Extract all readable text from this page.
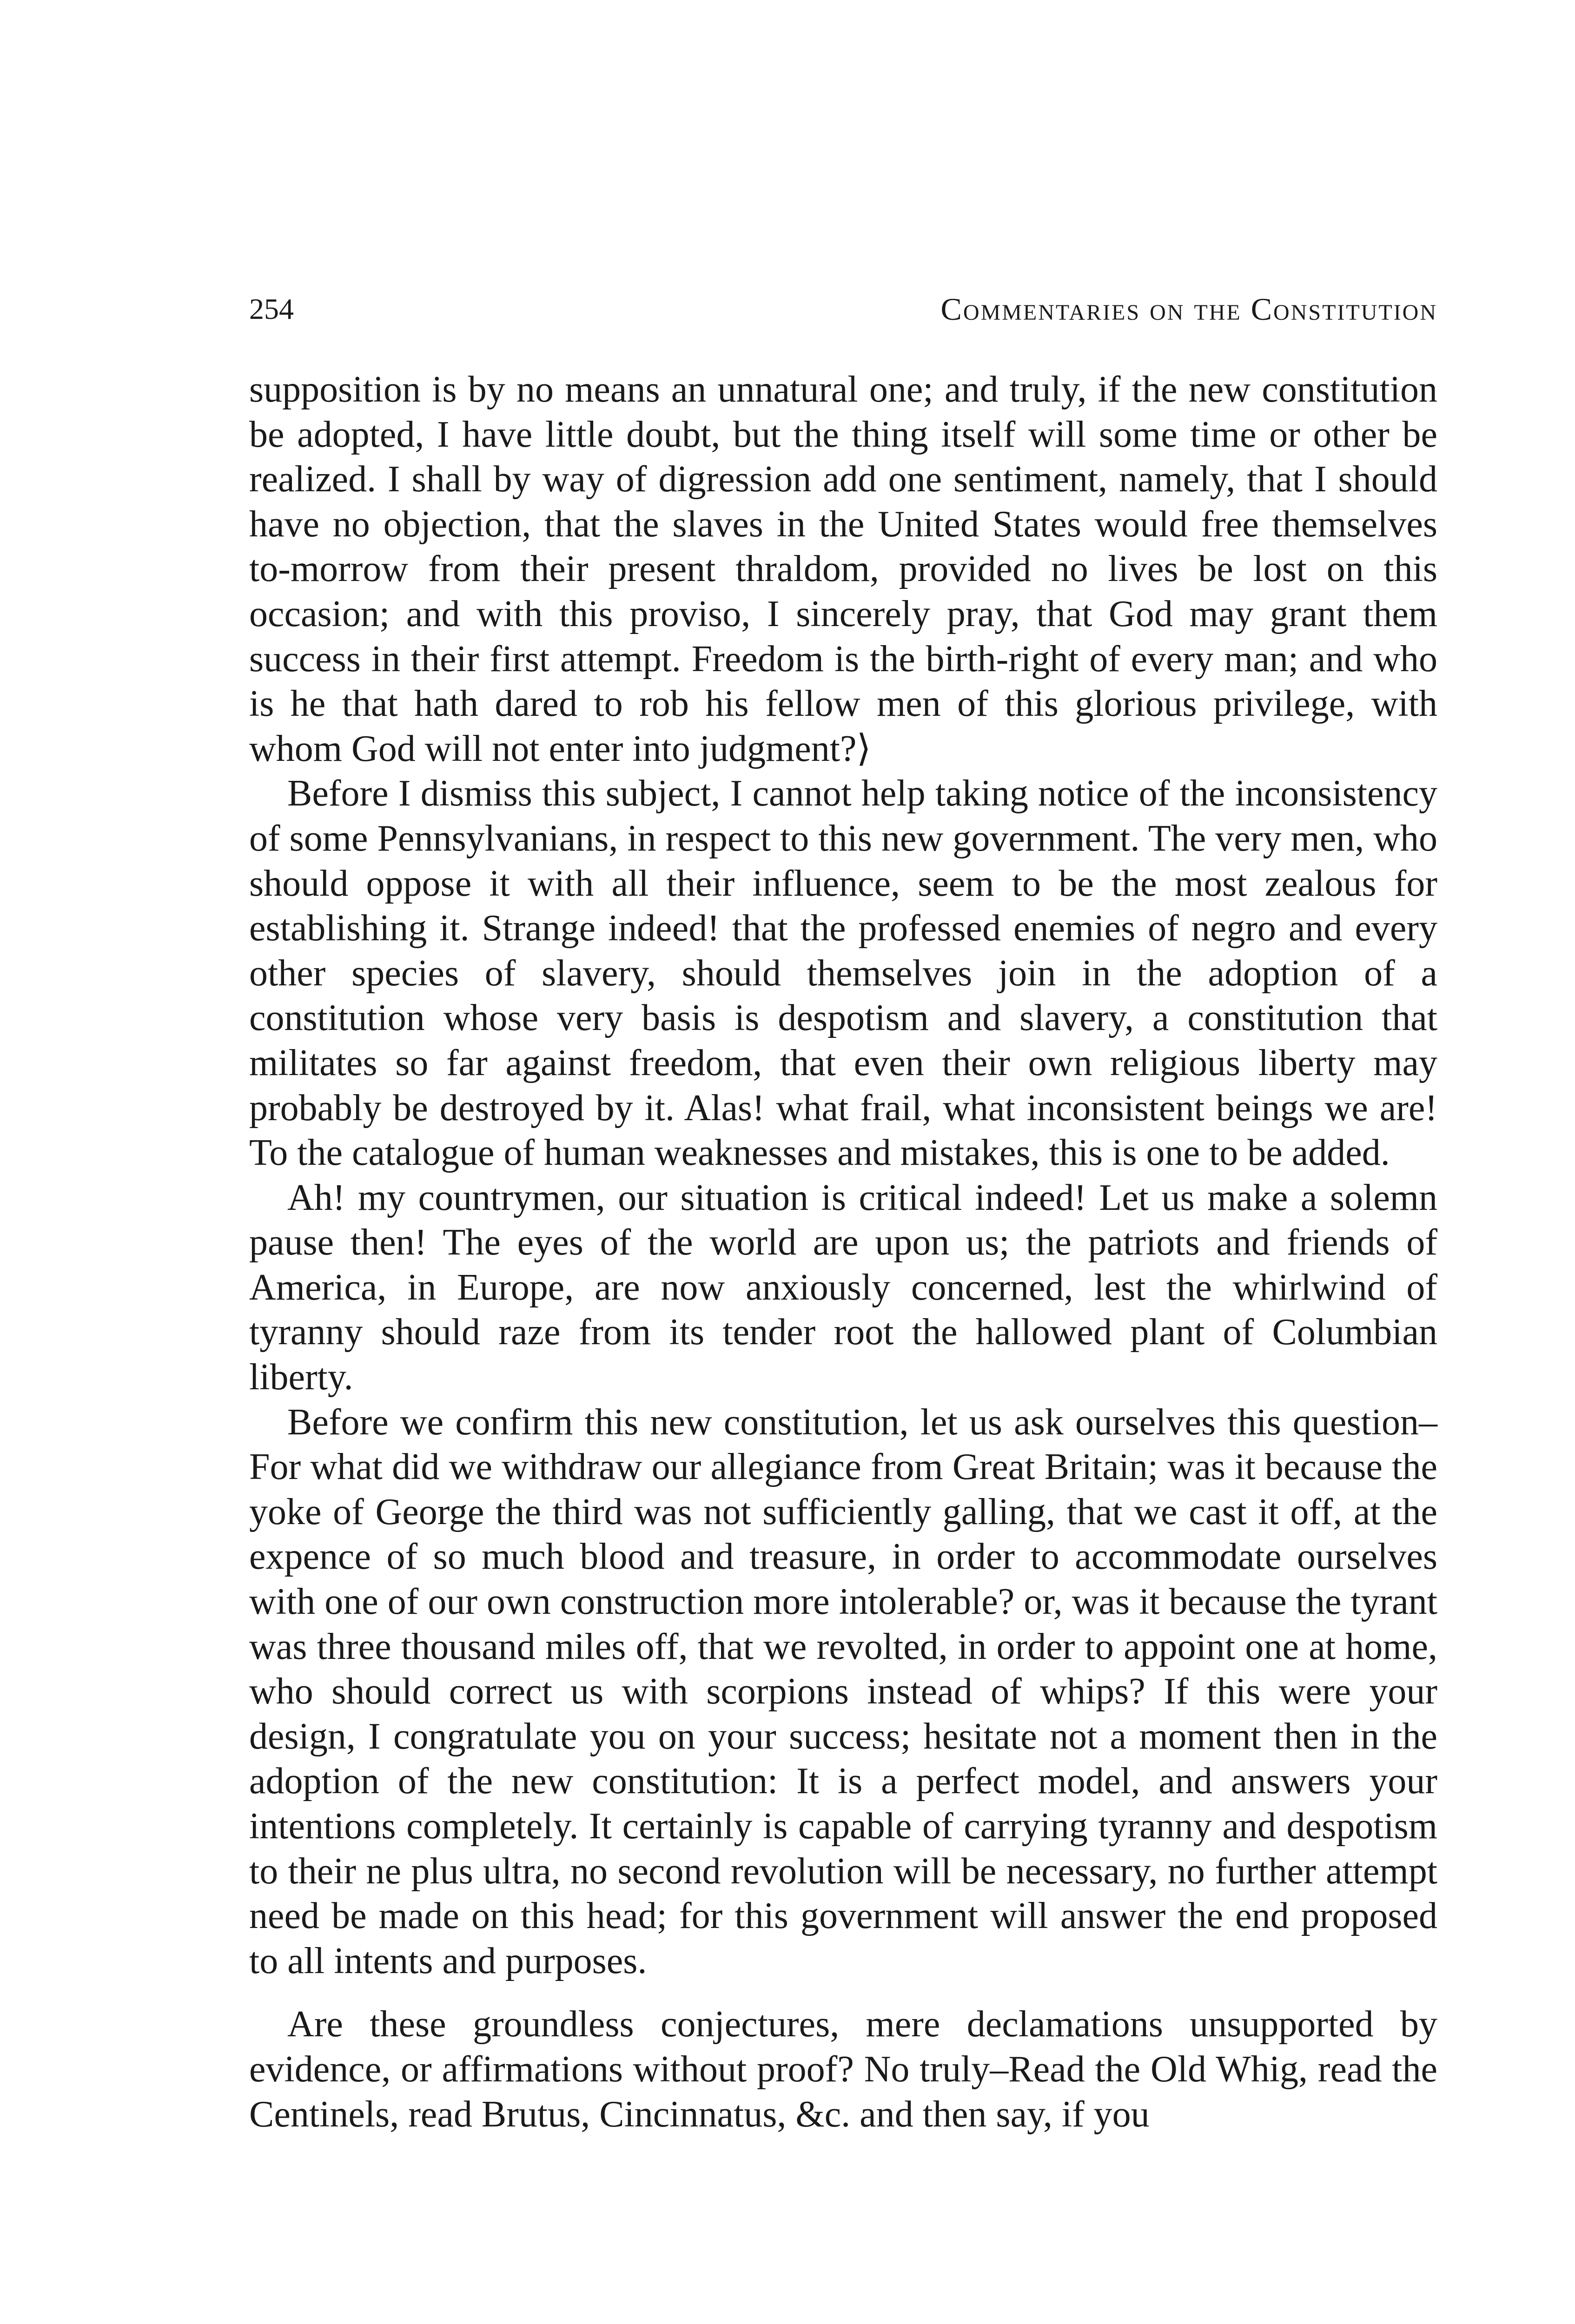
254	Commentaries on the Constitution

supposition is by no means an unnatural one; and truly, if the new constitution be adopted, I have little doubt, but the thing itself will some time or other be realized. I shall by way of digression add one sentiment, namely, that I should have no objection, that the slaves in the United States would free themselves to-morrow from their present thraldom, provided no lives be lost on this occasion; and with this proviso, I sincerely pray, that God may grant them success in their first attempt. Freedom is the birth-right of every man; and who is he that hath dared to rob his fellow men of this glorious privilege, with whom God will not enter into judgment?⟩

Before I dismiss this subject, I cannot help taking notice of the inconsistency of some Pennsylvanians, in respect to this new government. The very men, who should oppose it with all their influence, seem to be the most zealous for establishing it. Strange indeed! that the professed enemies of negro and every other species of slavery, should themselves join in the adoption of a constitution whose very basis is despotism and slavery, a constitution that militates so far against freedom, that even their own religious liberty may probably be destroyed by it. Alas! what frail, what inconsistent beings we are! To the catalogue of human weaknesses and mistakes, this is one to be added.

Ah! my countrymen, our situation is critical indeed! Let us make a solemn pause then! The eyes of the world are upon us; the patriots and friends of America, in Europe, are now anxiously concerned, lest the whirlwind of tyranny should raze from its tender root the hallowed plant of Columbian liberty.

Before we confirm this new constitution, let us ask ourselves this question–For what did we withdraw our allegiance from Great Britain; was it because the yoke of George the third was not sufficiently galling, that we cast it off, at the expence of so much blood and treasure, in order to accommodate ourselves with one of our own construction more intolerable? or, was it because the tyrant was three thousand miles off, that we revolted, in order to appoint one at home, who should correct us with scorpions instead of whips? If this were your design, I congratulate you on your success; hesitate not a moment then in the adoption of the new constitution: It is a perfect model, and answers your intentions completely. It certainly is capable of carrying tyranny and despotism to their ne plus ultra, no second revolution will be necessary, no further attempt need be made on this head; for this government will answer the end proposed to all intents and purposes.

Are these groundless conjectures, mere declamations unsupported by evidence, or affirmations without proof? No truly–Read the Old Whig, read the Centinels, read Brutus, Cincinnatus, &c. and then say, if you
